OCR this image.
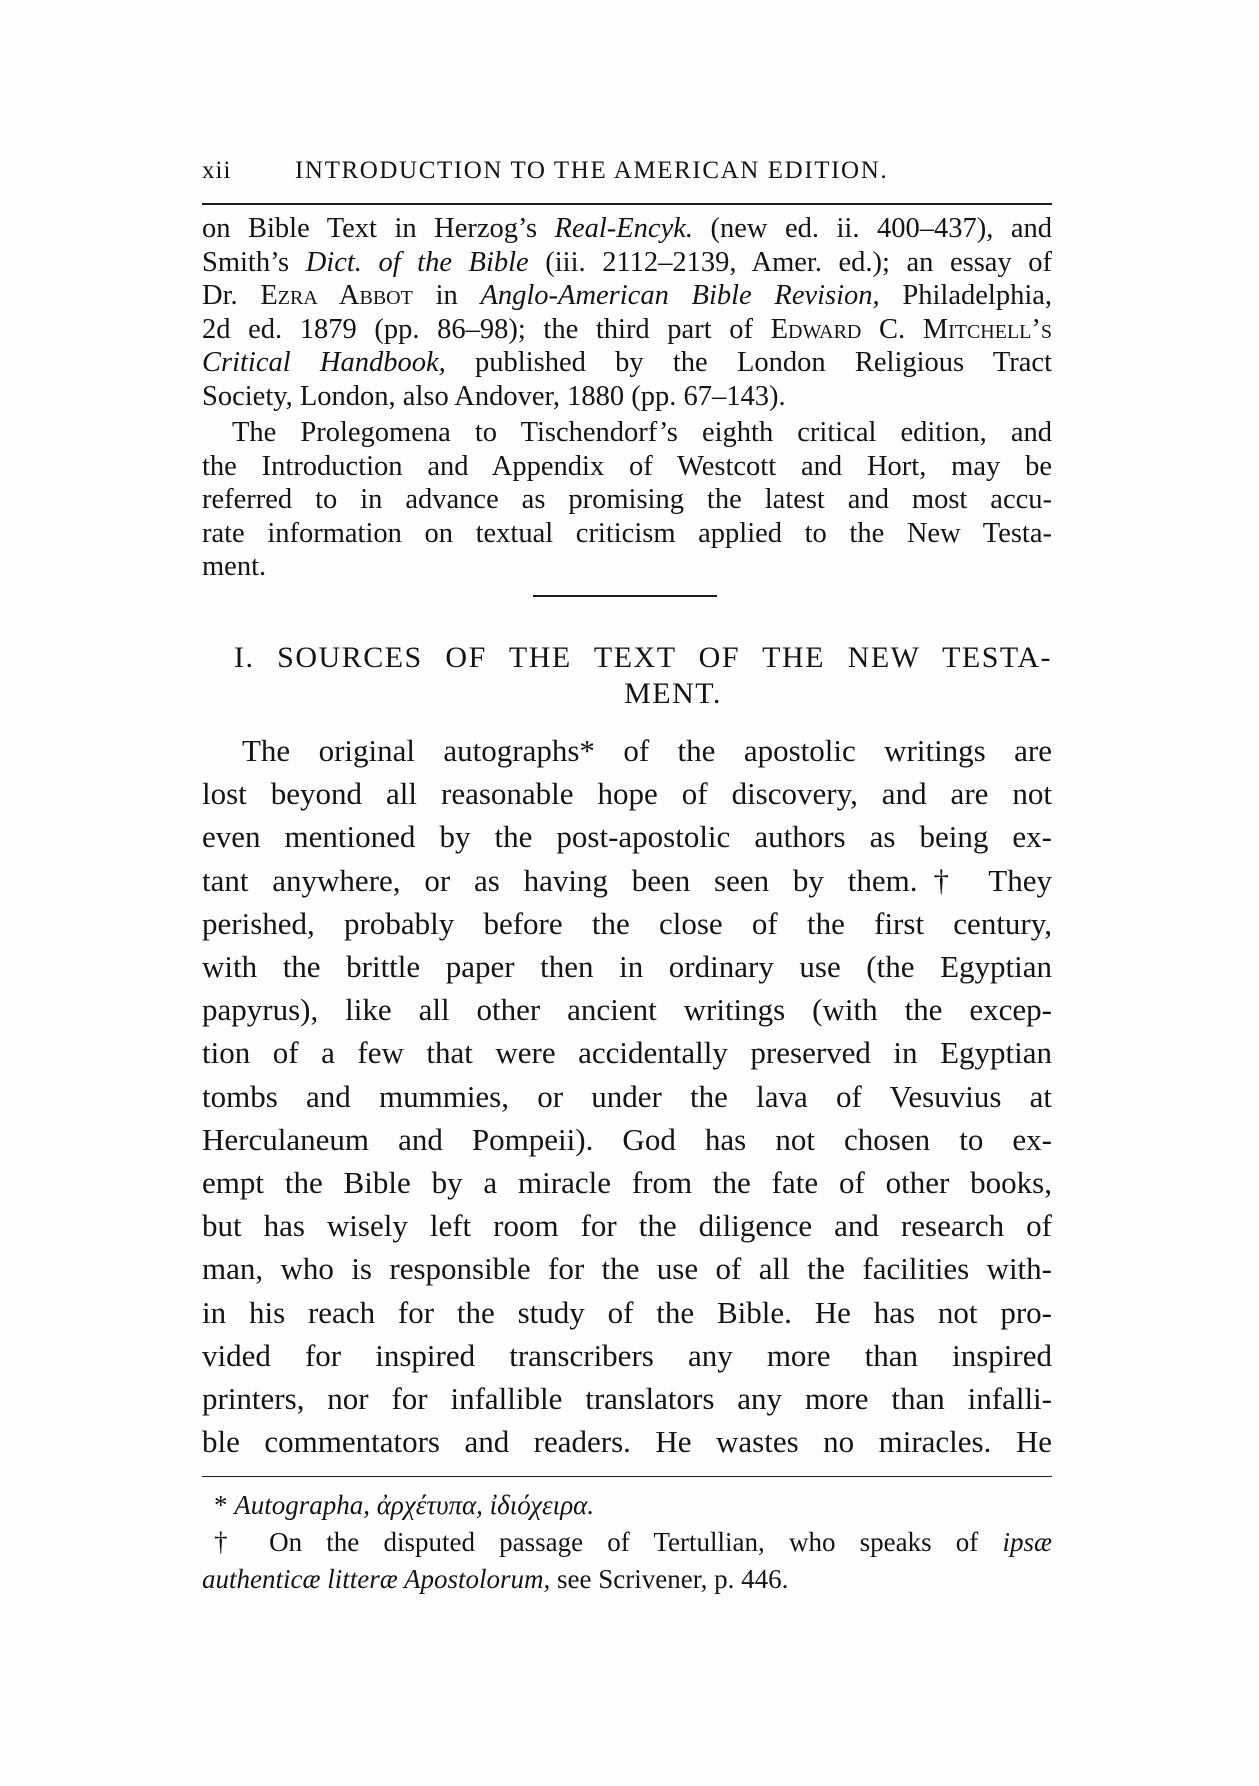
xii	INTRODUCTION TO THE AMERICAN EDITION.
on Bible Text in Herzog’s Real-Encyk. (new ed. ii. 400–437), and
Smith’s Dict. of the Bible (iii. 2112–2139, Amer. ed.); an essay of
Dr. Ezra Abbot in Anglo-American Bible Revision, Philadelphia,
2d ed. 1879 (pp. 86–98); the third part of Edward C. Mitchell’s
Critical Handbook, published by the London Religious Tract
Society, London, also Andover, 1880 (pp. 67–143).
The Prolegomena to Tischendorf’s eighth critical edition, and
the Introduction and Appendix of Westcott and Hort, may be
referred to in advance as promising the latest and most accu-
rate information on textual criticism applied to the New Testa-
ment.
I. SOURCES OF THE TEXT OF THE NEW TESTA-
MENT.
The original autographs* of the apostolic writings are
lost beyond all reasonable hope of discovery, and are not
even mentioned by the post-apostolic authors as being ex-
tant anywhere, or as having been seen by them.† They
perished, probably before the close of the first century,
with the brittle paper then in ordinary use (the Egyptian
papyrus), like all other ancient writings (with the excep-
tion of a few that were accidentally preserved in Egyptian
tombs and mummies, or under the lava of Vesuvius at
Herculaneum and Pompeii). God has not chosen to ex-
empt the Bible by a miracle from the fate of other books,
but has wisely left room for the diligence and research of
man, who is responsible for the use of all the facilities with-
in his reach for the study of the Bible. He has not pro-
vided for inspired transcribers any more than inspired
printers, nor for infallible translators any more than infalli-
ble commentators and readers. He wastes no miracles. He
* Autographa, ἀρχέτυπα, ἰδιόχειρα.
† On the disputed passage of Tertullian, who speaks of ipsæ
authenticæ litteræ Apostolorum, see Scrivener, p. 446.
